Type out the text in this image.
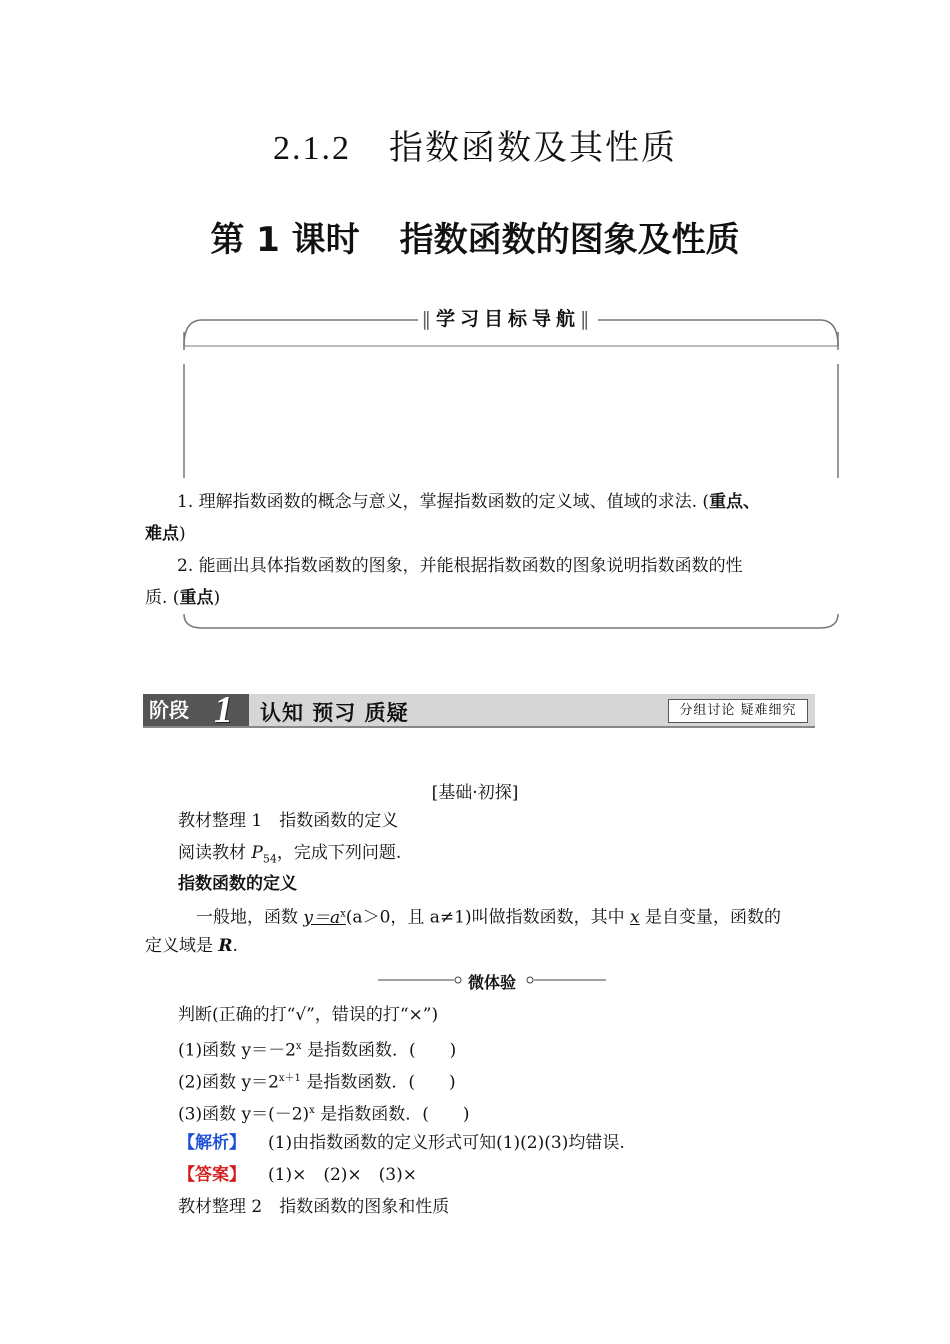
2.1.2 指数函数及其性质
第 1 课时 指数函数的图象及性质
‖学习目标导航‖
1. 理解指数函数的概念与意义，掌握指数函数的定义域、值域的求法. (重点、
难点)
2. 能画出具体指数函数的图象，并能根据指数函数的图象说明指数函数的性
质. (重点)
阶段 1 认知 预习 质疑	分组讨论 疑难细究
[基础·初探]
教材整理 1　指数函数的定义
阅读教材 $P_{54}$，完成下列问题.
指数函数的定义
一般地，函数 $y=a^x(a>0$，且 a≠1)叫做指数函数，其中 x 是自变量，函数的
定义域是 R.
微体验
判断(正确的打“√”，错误的打“×”)
(1)函数 $y=-2^x$ 是指数函数．(　　)
(2)函数 $y=2^{x+1}$ 是指数函数．(　　)
(3)函数 $y=(-2)^x$ 是指数函数．(　　)
【解析】 (1)由指数函数的定义形式可知(1)(2)(3)均错误.
【答案】 (1)×　(2)×　(3)×
教材整理 2　指数函数的图象和性质
